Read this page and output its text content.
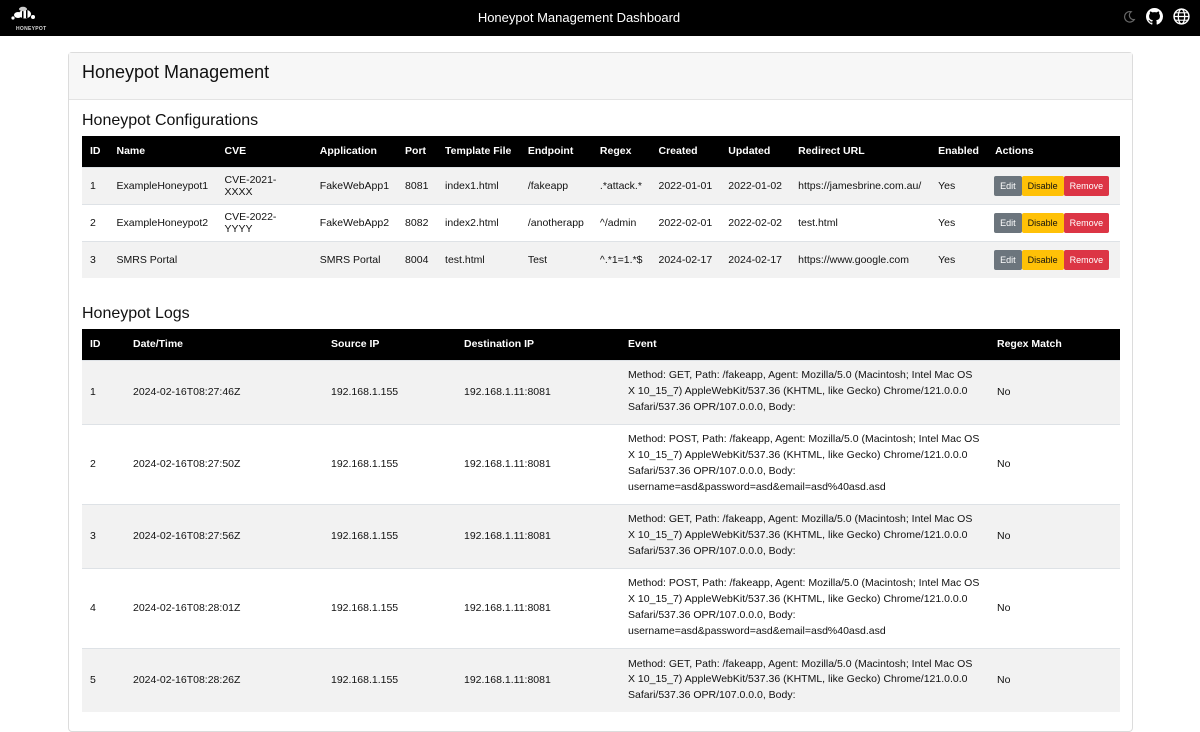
HONEYPOT
Honeypot Management Dashboard
Honeypot Management
Honeypot Configurations
ID	Name	CVE	Application	Port	Template File	Endpoint	Regex	Created	Updated	Redirect URL	Enabled	Actions
1	ExampleHoneypot1	CVE-2021-XXXX	FakeWebApp1	8081	index1.html	/fakeapp	.*attack.*	2022-01-01	2022-01-02	https://jamesbrine.com.au/	Yes	Edit Disable Remove
2	ExampleHoneypot2	CVE-2022-YYYY	FakeWebApp2	8082	index2.html	/anotherapp	^/admin	2022-02-01	2022-02-02	test.html	Yes	Edit Disable Remove
3	SMRS Portal		SMRS Portal	8004	test.html	Test	^.*1=1.*$	2024-02-17	2024-02-17	https://www.google.com	Yes	Edit Disable Remove
Honeypot Logs
ID	Date/Time	Source IP	Destination IP	Event	Regex Match
1	2024-02-16T08:27:46Z	192.168.1.155	192.168.1.11:8081	Method: GET, Path: /fakeapp, Agent: Mozilla/5.0 (Macintosh; Intel Mac OS X 10_15_7) AppleWebKit/537.36 (KHTML, like Gecko) Chrome/121.0.0.0 Safari/537.36 OPR/107.0.0.0, Body:	No
2	2024-02-16T08:27:50Z	192.168.1.155	192.168.1.11:8081	Method: POST, Path: /fakeapp, Agent: Mozilla/5.0 (Macintosh; Intel Mac OS X 10_15_7) AppleWebKit/537.36 (KHTML, like Gecko) Chrome/121.0.0.0 Safari/537.36 OPR/107.0.0.0, Body: username=asd&password=asd&email=asd%40asd.asd	No
3	2024-02-16T08:27:56Z	192.168.1.155	192.168.1.11:8081	Method: GET, Path: /fakeapp, Agent: Mozilla/5.0 (Macintosh; Intel Mac OS X 10_15_7) AppleWebKit/537.36 (KHTML, like Gecko) Chrome/121.0.0.0 Safari/537.36 OPR/107.0.0.0, Body:	No
4	2024-02-16T08:28:01Z	192.168.1.155	192.168.1.11:8081	Method: POST, Path: /fakeapp, Agent: Mozilla/5.0 (Macintosh; Intel Mac OS X 10_15_7) AppleWebKit/537.36 (KHTML, like Gecko) Chrome/121.0.0.0 Safari/537.36 OPR/107.0.0.0, Body: username=asd&password=asd&email=asd%40asd.asd	No
5	2024-02-16T08:28:26Z	192.168.1.155	192.168.1.11:8081	Method: GET, Path: /fakeapp, Agent: Mozilla/5.0 (Macintosh; Intel Mac OS X 10_15_7) AppleWebKit/537.36 (KHTML, like Gecko) Chrome/121.0.0.0 Safari/537.36 OPR/107.0.0.0, Body:	No
